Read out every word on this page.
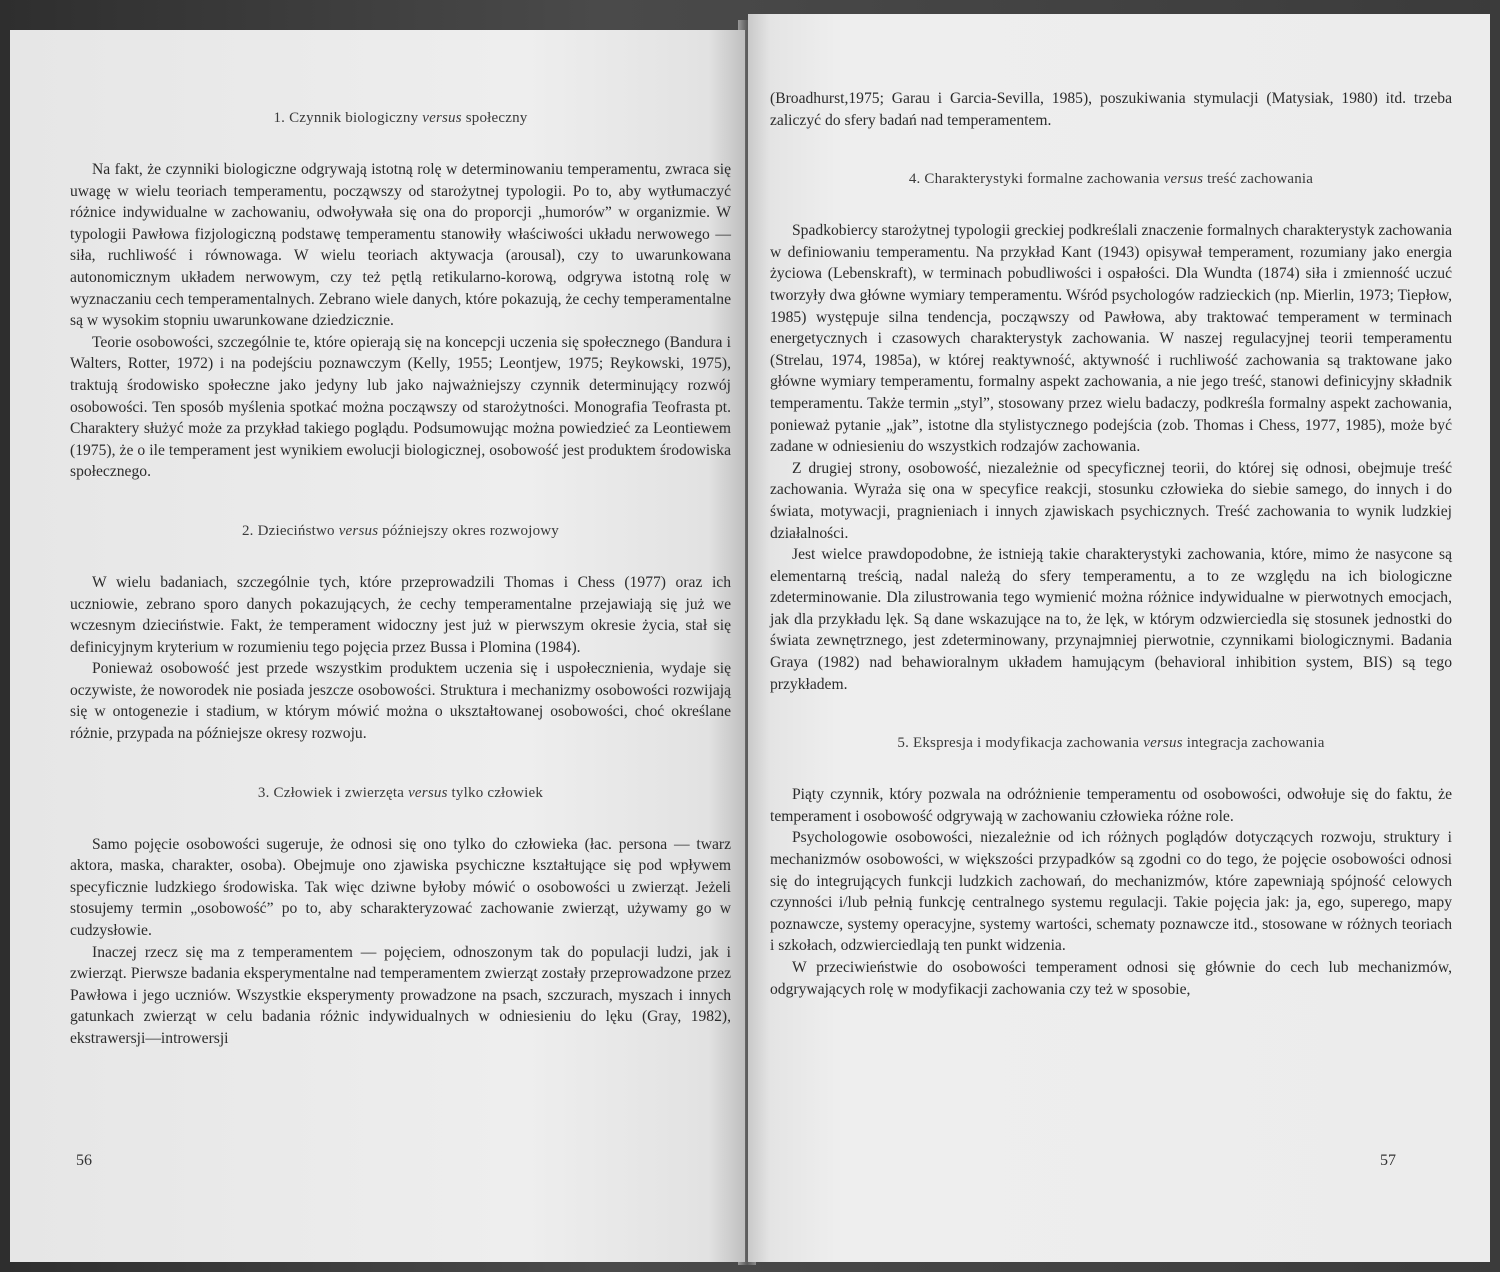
1. Czynnik biologiczny versus społeczny

Na fakt, że czynniki biologiczne odgrywają istotną rolę w determinowaniu temperamentu, zwraca się uwagę w wielu teoriach temperamentu, począwszy od starożytnej typologii. Po to, aby wytłumaczyć różnice indywidualne w zachowaniu, odwoływała się ona do proporcji „humorów” w organizmie. W typologii Pawłowa fizjologiczną podstawę temperamentu stanowiły właściwości układu nerwowego — siła, ruchliwość i równowaga. W wielu teoriach aktywacja (arousal), czy to uwarunkowana autonomicznym układem nerwowym, czy też pętlą retikularno-korową, odgrywa istotną rolę w wyznaczaniu cech temperamentalnych. Zebrano wiele danych, które pokazują, że cechy temperamentalne są w wysokim stopniu uwarunkowane dziedzicznie.

Teorie osobowości, szczególnie te, które opierają się na koncepcji uczenia się społecznego (Bandura i Walters, Rotter, 1972) i na podejściu poznawczym (Kelly, 1955; Leontjew, 1975; Reykowski, 1975), traktują środowisko społeczne jako jedyny lub jako najważniejszy czynnik determinujący rozwój osobowości. Ten sposób myślenia spotkać można począwszy od starożytności. Monografia Teofrasta pt. Charaktery służyć może za przykład takiego poglądu. Podsumowując można powiedzieć za Leontiewem (1975), że o ile temperament jest wynikiem ewolucji biologicznej, osobowość jest produktem środowiska społecznego.

2. Dzieciństwo versus późniejszy okres rozwojowy

W wielu badaniach, szczególnie tych, które przeprowadzili Thomas i Chess (1977) oraz ich uczniowie, zebrano sporo danych pokazujących, że cechy temperamentalne przejawiają się już we wczesnym dzieciństwie. Fakt, że temperament widoczny jest już w pierwszym okresie życia, stał się definicyjnym kryterium w rozumieniu tego pojęcia przez Bussa i Plomina (1984).

Ponieważ osobowość jest przede wszystkim produktem uczenia się i uspołecznienia, wydaje się oczywiste, że noworodek nie posiada jeszcze osobowości. Struktura i mechanizmy osobowości rozwijają się w ontogenezie i stadium, w którym mówić można o ukształtowanej osobowości, choć określane różnie, przypada na późniejsze okresy rozwoju.

3. Człowiek i zwierzęta versus tylko człowiek

Samo pojęcie osobowości sugeruje, że odnosi się ono tylko do człowieka (łac. persona — twarz aktora, maska, charakter, osoba). Obejmuje ono zjawiska psychiczne kształtujące się pod wpływem specyficznie ludzkiego środowiska. Tak więc dziwne byłoby mówić o osobowości u zwierząt. Jeżeli stosujemy termin „osobowość” po to, aby scharakteryzować zachowanie zwierząt, używamy go w cudzysłowie.

Inaczej rzecz się ma z temperamentem — pojęciem, odnoszonym tak do populacji ludzi, jak i zwierząt. Pierwsze badania eksperymentalne nad temperamentem zwierząt zostały przeprowadzone przez Pawłowa i jego uczniów. Wszystkie eksperymenty prowadzone na psach, szczurach, myszach i innych gatunkach zwierząt w celu badania różnic indywidualnych w odniesieniu do lęku (Gray, 1982), ekstrawersji—introwersji

56

(Broadhurst,1975; Garau i Garcia-Sevilla, 1985), poszukiwania stymulacji (Matysiak, 1980) itd. trzeba zaliczyć do sfery badań nad temperamentem.

4. Charakterystyki formalne zachowania versus treść zachowania

Spadkobiercy starożytnej typologii greckiej podkreślali znaczenie formalnych charakterystyk zachowania w definiowaniu temperamentu. Na przykład Kant (1943) opisywał temperament, rozumiany jako energia życiowa (Lebenskraft), w terminach pobudliwości i ospałości. Dla Wundta (1874) siła i zmienność uczuć tworzyły dwa główne wymiary temperamentu. Wśród psychologów radzieckich (np. Mierlin, 1973; Tiepłow, 1985) występuje silna tendencja, począwszy od Pawłowa, aby traktować temperament w terminach energetycznych i czasowych charakterystyk zachowania. W naszej regulacyjnej teorii temperamentu (Strelau, 1974, 1985a), w której reaktywność, aktywność i ruchliwość zachowania są traktowane jako główne wymiary temperamentu, formalny aspekt zachowania, a nie jego treść, stanowi definicyjny składnik temperamentu. Także termin „styl”, stosowany przez wielu badaczy, podkreśla formalny aspekt zachowania, ponieważ pytanie „jak”, istotne dla stylistycznego podejścia (zob. Thomas i Chess, 1977, 1985), może być zadane w odniesieniu do wszystkich rodzajów zachowania.

Z drugiej strony, osobowość, niezależnie od specyficznej teorii, do której się odnosi, obejmuje treść zachowania. Wyraża się ona w specyfice reakcji, stosunku człowieka do siebie samego, do innych i do świata, motywacji, pragnieniach i innych zjawiskach psychicznych. Treść zachowania to wynik ludzkiej działalności.

Jest wielce prawdopodobne, że istnieją takie charakterystyki zachowania, które, mimo że nasycone są elementarną treścią, nadal należą do sfery temperamentu, a to ze względu na ich biologiczne zdeterminowanie. Dla zilustrowania tego wymienić można różnice indywidualne w pierwotnych emocjach, jak dla przykładu lęk. Są dane wskazujące na to, że lęk, w którym odzwierciedla się stosunek jednostki do świata zewnętrznego, jest zdeterminowany, przynajmniej pierwotnie, czynnikami biologicznymi. Badania Graya (1982) nad behawioralnym układem hamującym (behavioral inhibition system, BIS) są tego przykładem.

5. Ekspresja i modyfikacja zachowania versus integracja zachowania

Piąty czynnik, który pozwala na odróżnienie temperamentu od osobowości, odwołuje się do faktu, że temperament i osobowość odgrywają w zachowaniu człowieka różne role.

Psychologowie osobowości, niezależnie od ich różnych poglądów dotyczących rozwoju, struktury i mechanizmów osobowości, w większości przypadków są zgodni co do tego, że pojęcie osobowości odnosi się do integrujących funkcji ludzkich zachowań, do mechanizmów, które zapewniają spójność celowych czynności i/lub pełnią funkcję centralnego systemu regulacji. Takie pojęcia jak: ja, ego, superego, mapy poznawcze, systemy operacyjne, systemy wartości, schematy poznawcze itd., stosowane w różnych teoriach i szkołach, odzwierciedlają ten punkt widzenia.

W przeciwieństwie do osobowości temperament odnosi się głównie do cech lub mechanizmów, odgrywających rolę w modyfikacji zachowania czy też w sposobie,

57
